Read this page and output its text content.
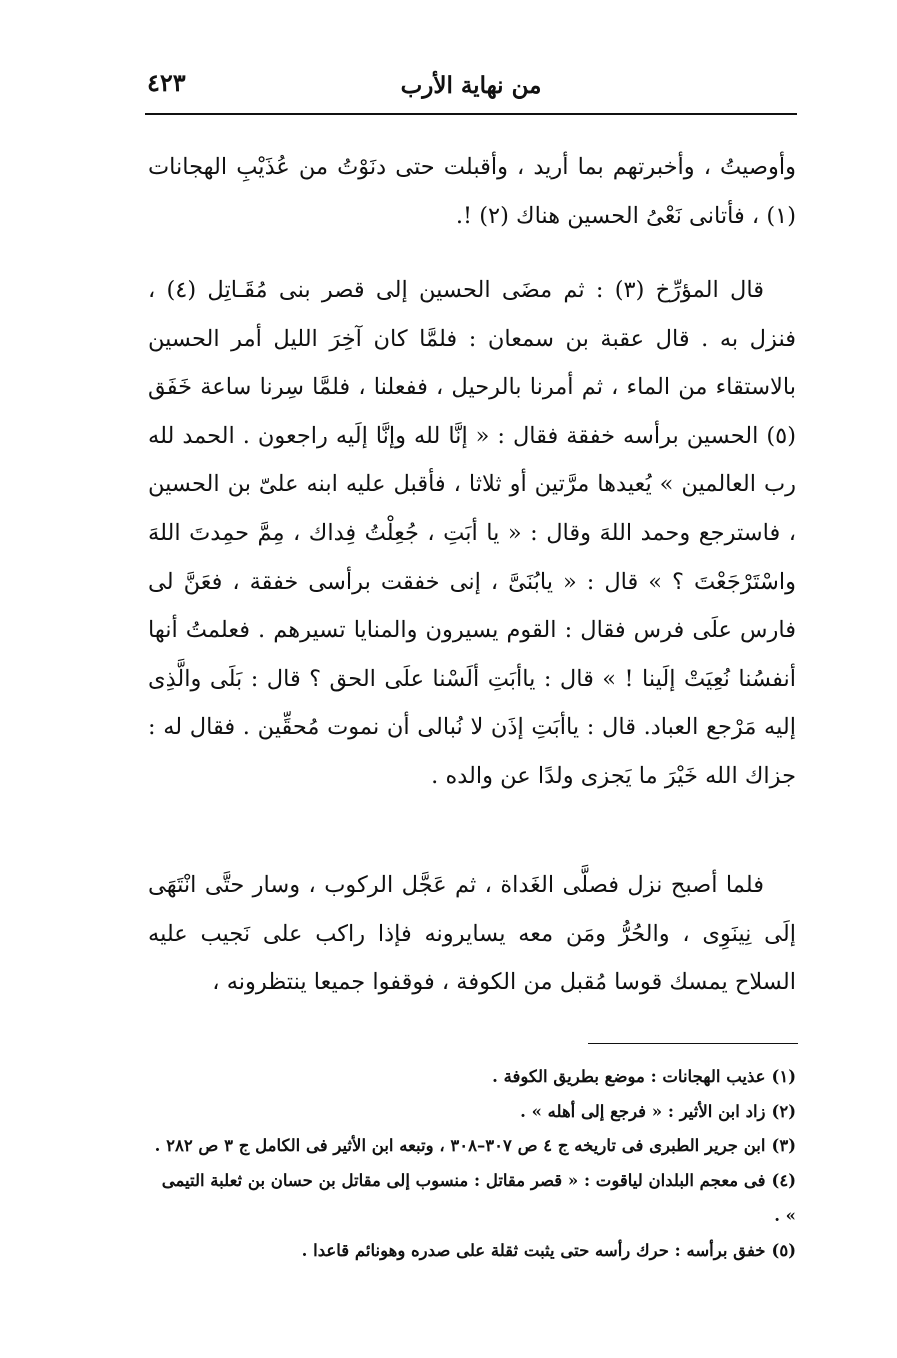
من نهاية الأرب
٤٢٣

وأوصيتُ ، وأخبرتهم بما أريد ، وأقبلت حتى دنَوْتُ من عُذَيْبِ الهجانات (١) ، فأتانى نَعْىُ الحسين هناك (٢) !.

قال المؤرِّخ (٣) : ثم مضَى الحسين إلى قصر بنى مُقَـاتِل (٤) ، فنزل به . قال عقبة بن سمعان : فلمَّا كان آخِرَ الليل أمر الحسين بالاستقاء من الماء ، ثم أمرنا بالرحيل ، ففعلنا ، فلمَّا سِرنا ساعة خَفَق (٥) الحسين برأسه خفقة فقال : « إنَّا لله وإنَّا إلَيه راجعون . الحمد لله رب العالمين » يُعيدها مرَّتين أو ثلاثا ، فأقبل عليه ابنه علىّ بن الحسين ، فاسترجع وحمد اللهَ وقال : « يا أبَتِ ، جُعِلْتُ فِداك ، مِمَّ حمِدتَ اللهَ واسْتَرْجَعْتَ ؟ » قال : « يابُنَىَّ ، إنى خفقت برأسى خفقة ، فعَنَّ لى فارس علَى فرس فقال : القوم يسيرون والمنايا تسيرهم . فعلمتُ أنها أنفسُنا نُعِيَتْ إلَينا ! » قال : ياأبَتِ ألَسْنا علَى الحق ؟ قال : بَلَى والَّذِى إليه مَرْجع العباد. قال : ياأبَتِ إذَن لا نُبالى أن نموت مُحقِّين . فقال له : جزاك الله خَيْرَ ما يَجزى ولدًا عن والده .

فلما أصبح نزل فصلَّى الغَداة ، ثم عَجَّل الركوب ، وسار حتَّى انْتَهَى إلَى نِينَوِى ، والحُرُّ ومَن معه يسايرونه فإذا راكب على نَجيب عليه السلاح يمسك قوسا مُقبل من الكوفة ، فوقفوا جميعا ينتظرونه ،

(١)عذيب الهجانات : موضع بطريق الكوفة .

(٢)زاد ابن الأثير : « فرجع إلى أهله » .

(٣)ابن جرير الطبرى فى تاريخه ج ٤ ص ٣٠٧–٣٠٨ ، وتبعه ابن الأثير فى الكامل ج ٣ ص ٢٨٢ .

(٤)فى معجم البلدان لياقوت : « قصر مقاتل : منسوب إلى مقاتل بن حسان بن ثعلبة التيمى » .

(٥)خفق برأسه : حرك رأسه حتى يثبت ثقلة على صدره وهونائم قاعدا .
